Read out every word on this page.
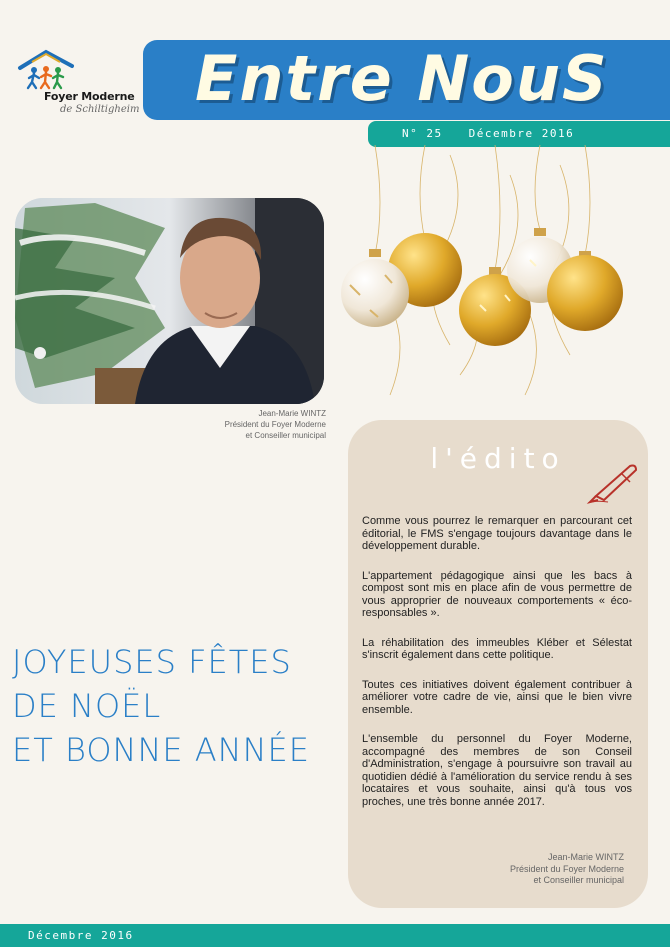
Foyer Moderne
de Schiltigheim Entre NouS
N° 25 Décembre 2016
Jean-Marie WINTZ
Président du Foyer Moderne
et Conseiller municipal
JOYEUSES FÊTES
DE NOËL
ET BONNE ANNÉE
l'édito

Comme vous pourrez le remarquer en parcourant cet éditorial, le FMS s'engage toujours davantage dans le développement durable.

L'appartement pédagogique ainsi que les bacs à compost sont mis en place afin de vous permettre de vous approprier de nouveaux comportements « éco-responsables ».

La réhabilitation des immeubles Kléber et Sélestat s'inscrit également dans cette politique.

Toutes ces initiatives doivent également contribuer à améliorer votre cadre de vie, ainsi que le bien vivre ensemble.

L'ensemble du personnel du Foyer Moderne, accompagné des membres de son Conseil d'Administration, s'engage à poursuivre son travail au quotidien dédié à l'amélioration du service rendu à ses locataires et vous souhaite, ainsi qu'à tous vos proches, une très bonne année 2017.

Jean-Marie WINTZ
Président du Foyer Moderne
et Conseiller municipal
Décembre 2016
